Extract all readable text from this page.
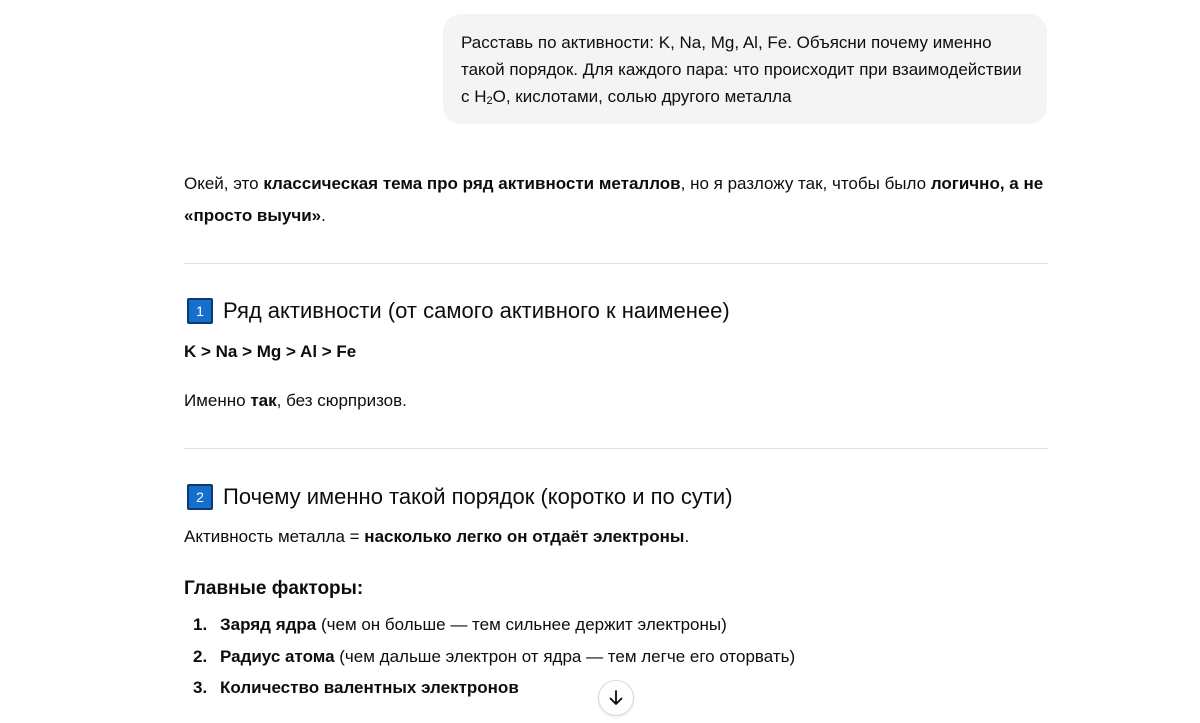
Расставь по активности: K, Na, Mg, Al, Fe. Объясни почему именно такой порядок. Для каждого пара: что происходит при взаимодействии с $H_2O$, кислотами, солью другого металла
Окей, это классическая тема про ряд активности металлов, но я разложу так, чтобы было логично, а не «просто выучи».
1 Ряд активности (от самого активного к наименее)
K > Na > Mg > Al > Fe
Именно так, без сюрпризов.
2 Почему именно такой порядок (коротко и по сути)
Активность металла = насколько легко он отдаёт электроны.
Главные факторы:
1. Заряд ядра (чем он больше — тем сильнее держит электроны)
2. Радиус атома (чем дальше электрон от ядра — тем легче его оторвать)
3. Количество валентных электронов
